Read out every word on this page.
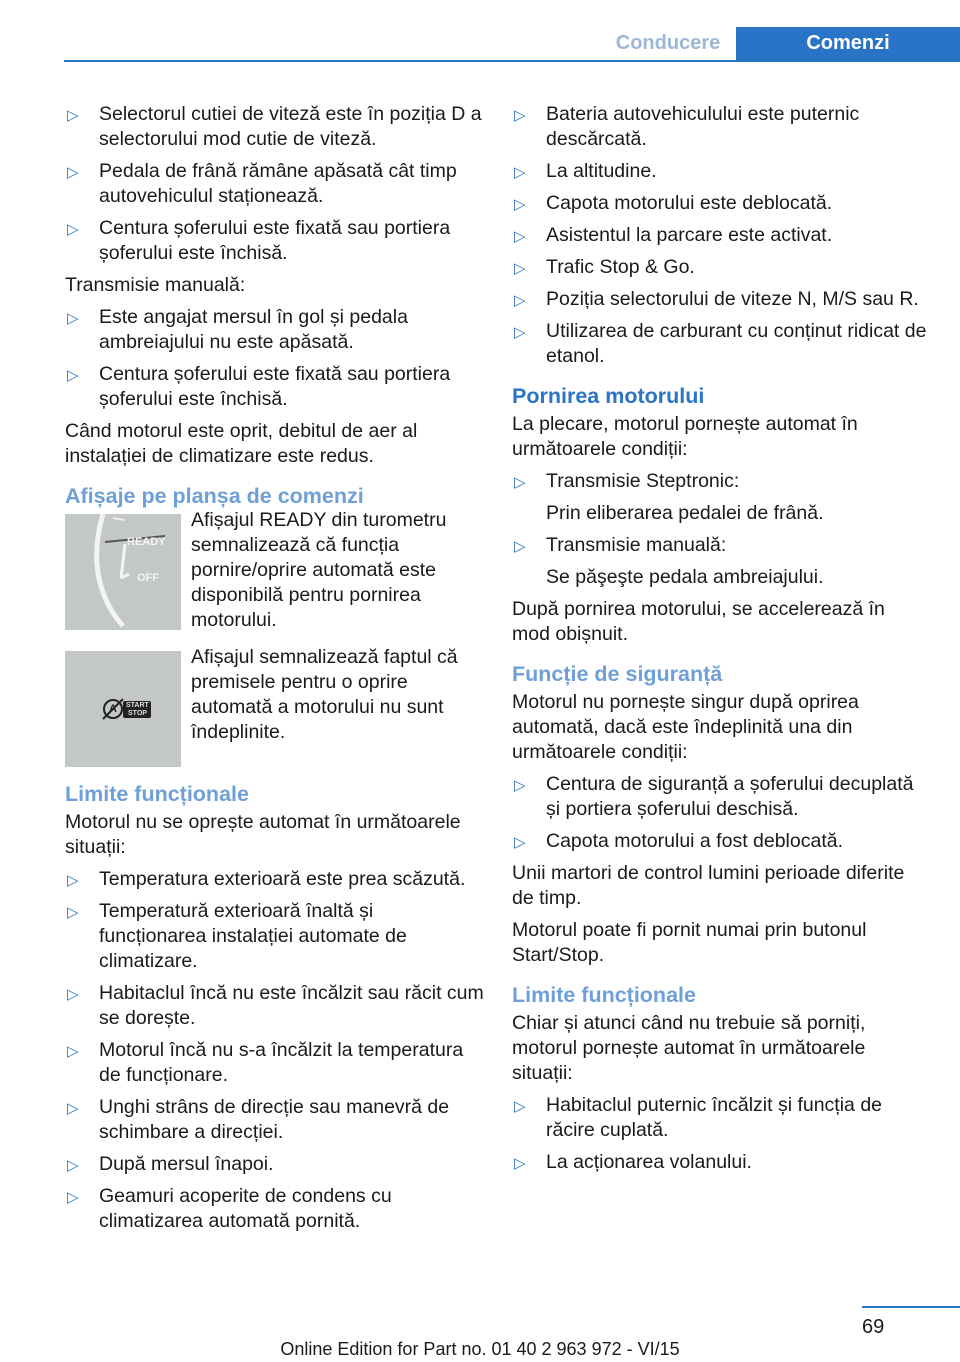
Conducere	Comenzi
▷ Selectorul cutiei de viteză este în poziția D a selectorului mod cutie de viteză.
▷ Pedala de frână rămâne apăsată cât timp autovehiculul staționează.
▷ Centura șoferului este fixată sau portiera șoferului este închisă.
Transmisie manuală:
▷ Este angajat mersul în gol și pedala ambreiajului nu este apăsată.
▷ Centura șoferului este fixată sau portiera șoferului este închisă.
Când motorul este oprit, debitul de aer al instalației de climatizare este redus.
Afișaje pe planșa de comenzi
READY
OFF
Afișajul READY din turometru semnalizează că funcția pornire/oprire automată este disponibilă pentru pornirea motorului.
A START
STOP
Afișajul semnalizează faptul că premisele pentru o oprire automată a motorului nu sunt îndeplinite.
Limite funcționale
Motorul nu se oprește automat în următoarele situații:
▷ Temperatura exterioară este prea scăzută.
▷ Temperatură exterioară înaltă și funcționarea instalației automate de climatizare.
▷ Habitaclul încă nu este încălzit sau răcit cum se dorește.
▷ Motorul încă nu s-a încălzit la temperatura de funcționare.
▷ Unghi strâns de direcție sau manevră de schimbare a direcției.
▷ După mersul înapoi.
▷ Geamuri acoperite de condens cu climatizarea automată pornită.
▷ Bateria autovehiculului este puternic descărcată.
▷ La altitudine.
▷ Capota motorului este deblocată.
▷ Asistentul la parcare este activat.
▷ Trafic Stop & Go.
▷ Poziția selectorului de viteze N, M/S sau R.
▷ Utilizarea de carburant cu conținut ridicat de etanol.
Pornirea motorului
La plecare, motorul pornește automat în următoarele condiții:
▷ Transmisie Steptronic:
Prin eliberarea pedalei de frână.
▷ Transmisie manuală:
Se păşeşte pedala ambreiajului.
După pornirea motorului, se accelerează în mod obișnuit.
Funcție de siguranță
Motorul nu pornește singur după oprirea automată, dacă este îndeplinită una din următoarele condiții:
▷ Centura de siguranță a șoferului decuplată și portiera șoferului deschisă.
▷ Capota motorului a fost deblocată.
Unii martori de control lumini perioade diferite de timp.
Motorul poate fi pornit numai prin butonul Start/Stop.
Limite funcționale
Chiar și atunci când nu trebuie să porniți, motorul pornește automat în următoarele situații:
▷ Habitaclul puternic încălzit și funcția de răcire cuplată.
▷ La acționarea volanului.
69
Online Edition for Part no. 01 40 2 963 972 - VI/15
